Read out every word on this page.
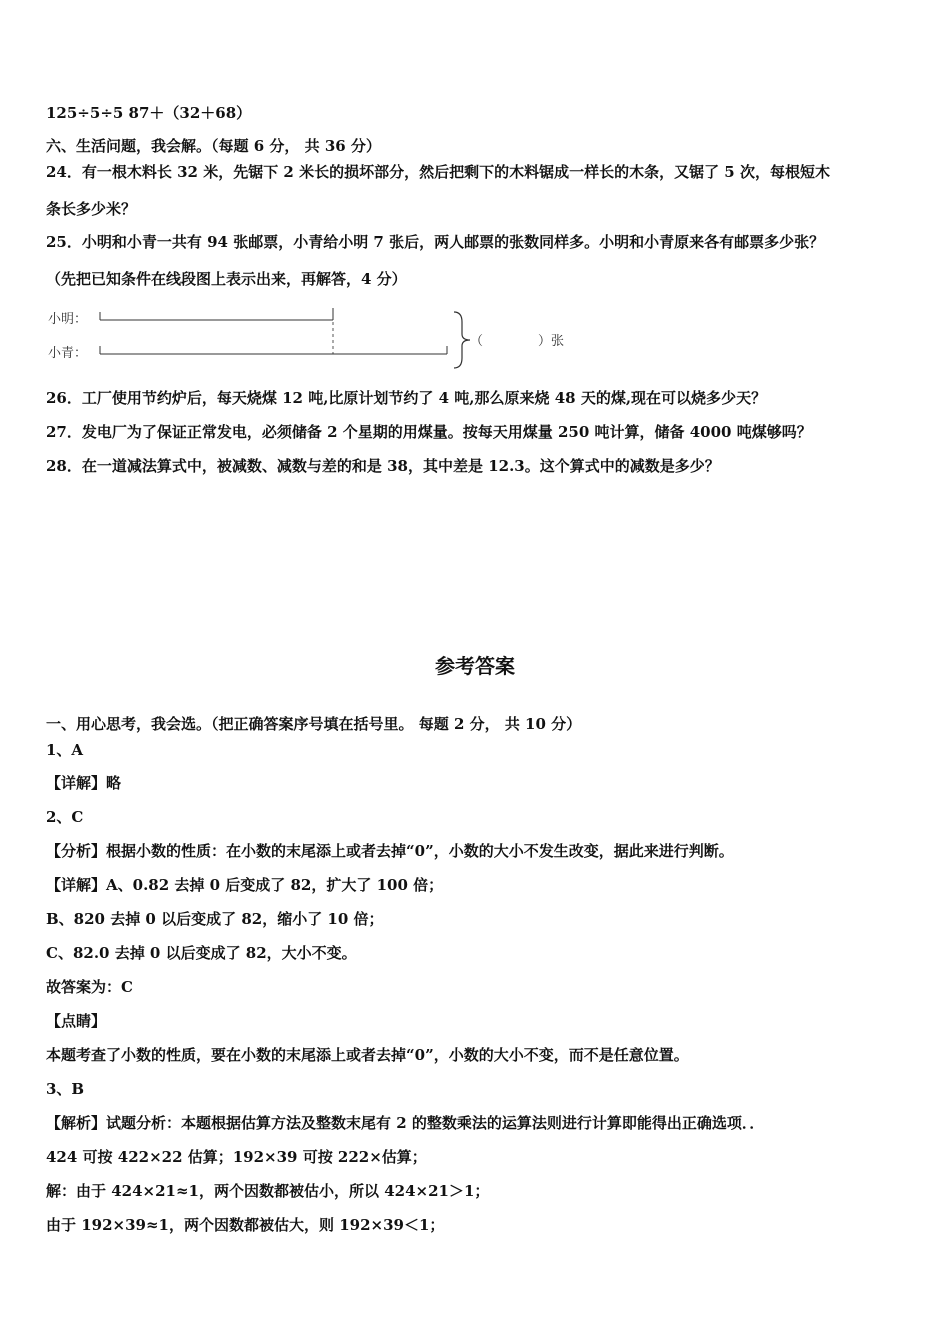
125÷5÷5 87＋（32＋68）
六、生活问题，我会解。（每题 6 分， 共 36 分）
24．有一根木料长 32 米，先锯下 2 米长的损坏部分，然后把剩下的木料锯成一样长的木条，又锯了 5 次，每根短木
条长多少米？
25．小明和小青一共有 94 张邮票，小青给小明 7 张后，两人邮票的张数同样多。小明和小青原来各有邮票多少张？
（先把已知条件在线段图上表示出来，再解答，4 分）
小明：
小青：
（	）张
26．工厂使用节约炉后，每天烧煤 12 吨,比原计划节约了 4 吨,那么原来烧 48 天的煤,现在可以烧多少天？
27．发电厂为了保证正常发电，必须储备 2 个星期的用煤量。按每天用煤量 250 吨计算，储备 4000 吨煤够吗？
28．在一道减法算式中，被减数、减数与差的和是 38，其中差是 12.3。这个算式中的减数是多少？
参考答案
一、用心思考，我会选。（把正确答案序号填在括号里。 每题 2 分， 共 10 分）
1、A
【详解】略
2、C
【分析】根据小数的性质：在小数的末尾添上或者去掉“0”，小数的大小不发生改变，据此来进行判断。
【详解】A、0.82 去掉 0 后变成了 82，扩大了 100 倍；
B、820 去掉 0 以后变成了 82，缩小了 10 倍；
C、82.0 去掉 0 以后变成了 82，大小不变。
故答案为：C
【点睛】
本题考查了小数的性质，要在小数的末尾添上或者去掉“0”，小数的大小不变，而不是任意位置。
3、B
【解析】试题分析：本题根据估算方法及整数末尾有 2 的整数乘法的运算法则进行计算即能得出正确选项．．
424 可按 422×22 估算；192×39 可按 222×估算；
解：由于 424×21≈1，两个因数都被估小，所以 424×21＞1；
由于 192×39≈1，两个因数都被估大，则 192×39＜1；
